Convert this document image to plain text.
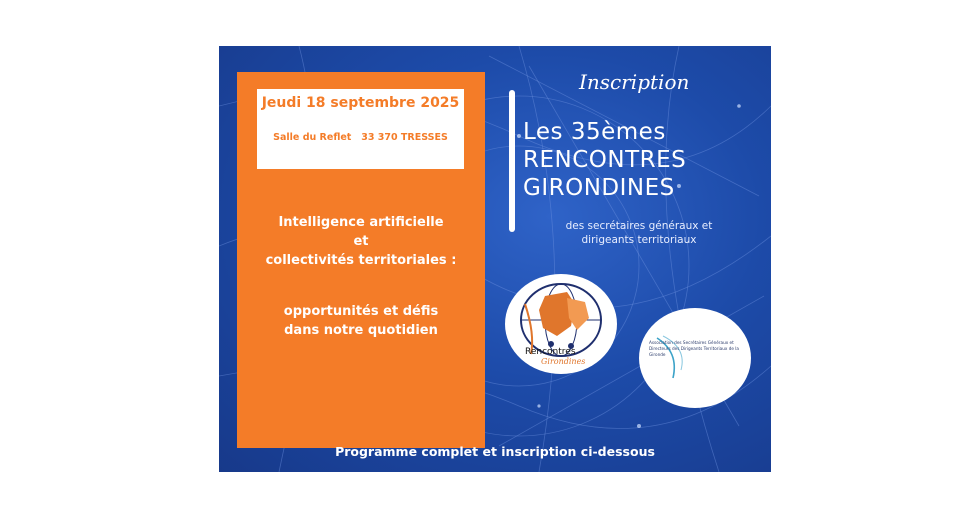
Jeudi 18 septembre 2025
Salle du Reflet   33 370 TRESSES
Intelligence artificielle
et
collectivités territoriales :
opportunités et défis
dans notre quotidien
Inscription
Les 35èmes
RENCONTRES
GIRONDINES
des secrétaires généraux et
dirigeants territoriaux
Rencontres
Girondines
Association des Secrétaires Généraux et Directeurs des Dirigeants Territoriaux de la Gironde
Programme complet et inscription ci-dessous
